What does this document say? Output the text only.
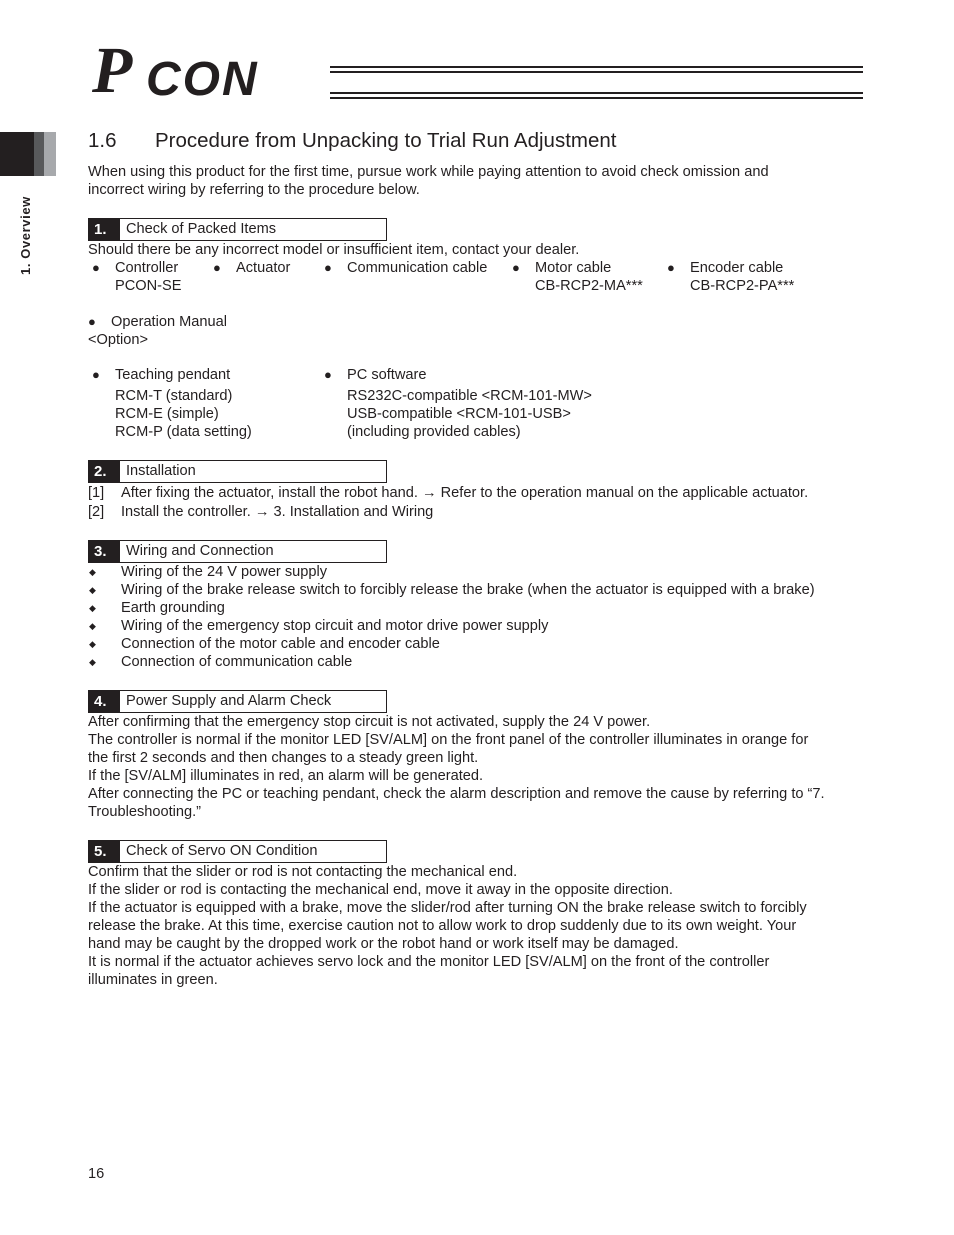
P CON
1. Overview
1.6 Procedure from Unpacking to Trial Run Adjustment
When using this product for the first time, pursue work while paying attention to avoid check omission and
incorrect wiring by referring to the procedure below.
1.	Check of Packed Items
Should there be any incorrect model or insufficient item, contact your dealer.
● Controller
PCON-SE
● Actuator	● Communication cable ● Motor cable
CB-RCP2-MA***
● Encoder cable
CB-RCP2-PA***
● Operation Manual
<Option>
● Teaching pendant
RCM-T (standard)
RCM-E (simple)
RCM-P (data setting)
● PC software
RS232C-compatible <RCM-101-MW>
USB-compatible <RCM-101-USB>
(including provided cables)
2.	Installation
[1] After fixing the actuator, install the robot hand. → Refer to the operation manual on the applicable actuator.
[2] Install the controller. → 3. Installation and Wiring
3.	Wiring and Connection
◆ Wiring of the 24 V power supply
◆ Wiring of the brake release switch to forcibly release the brake (when the actuator is equipped with a brake)
◆ Earth grounding
◆ Wiring of the emergency stop circuit and motor drive power supply
◆ Connection of the motor cable and encoder cable
◆ Connection of communication cable
4.	Power Supply and Alarm Check
After confirming that the emergency stop circuit is not activated, supply the 24 V power.
The controller is normal if the monitor LED [SV/ALM] on the front panel of the controller illuminates in orange for
the first 2 seconds and then changes to a steady green light.
If the [SV/ALM] illuminates in red, an alarm will be generated.
After connecting the PC or teaching pendant, check the alarm description and remove the cause by referring to “7.
Troubleshooting.”
5.	Check of Servo ON Condition
Confirm that the slider or rod is not contacting the mechanical end.
If the slider or rod is contacting the mechanical end, move it away in the opposite direction.
If the actuator is equipped with a brake, move the slider/rod after turning ON the brake release switch to forcibly
release the brake. At this time, exercise caution not to allow work to drop suddenly due to its own weight. Your
hand may be caught by the dropped work or the robot hand or work itself may be damaged.
It is normal if the actuator achieves servo lock and the monitor LED [SV/ALM] on the front of the controller
illuminates in green.
16
